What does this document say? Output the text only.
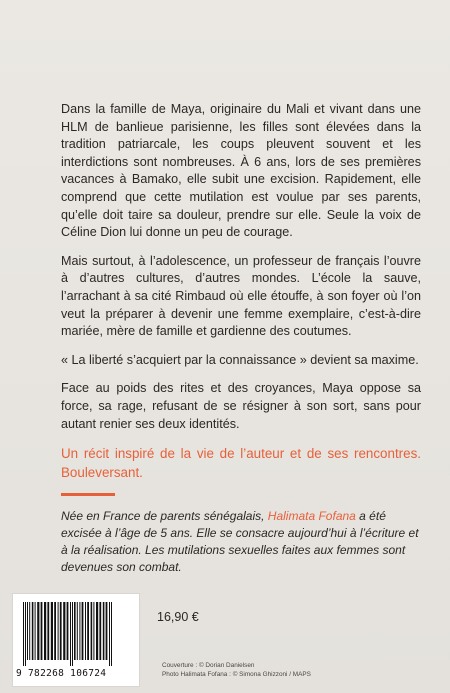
Dans la famille de Maya, originaire du Mali et vivant dans une HLM de banlieue parisienne, les filles sont élevées dans la tradition patriarcale, les coups pleuvent souvent et les interdictions sont nombreuses. À 6 ans, lors de ses premières vacances à Bamako, elle subit une excision. Rapidement, elle comprend que cette mutilation est voulue par ses parents, qu’elle doit taire sa douleur, prendre sur elle. Seule la voix de Céline Dion lui donne un peu de courage.

Mais surtout, à l’adolescence, un professeur de français l’ouvre à d’autres cultures, d’autres mondes. L’école la sauve, l’arrachant à sa cité Rimbaud où elle étouffe, à son foyer où l’on veut la préparer à devenir une femme exemplaire, c’est-à-dire mariée, mère de famille et gardienne des coutumes.

« La liberté s’acquiert par la connaissance » devient sa maxime.

Face au poids des rites et des croyances, Maya oppose sa force, sa rage, refusant de se résigner à son sort, sans pour autant renier ses deux identités.

Un récit inspiré de la vie de l’auteur et de ses rencontres. Bouleversant.

Née en France de parents sénégalais, Halimata Fofana a été excisée à l’âge de 5 ans. Elle se consacre aujourd’hui à l’écriture et à la réalisation. Les mutilations sexuelles faites aux femmes sont devenues son combat.
9 782268 106724
16,90 €
Couverture : © Dorian Danielsen
Photo Halimata Fofana : © Simona Ghizzoni / MAPS
